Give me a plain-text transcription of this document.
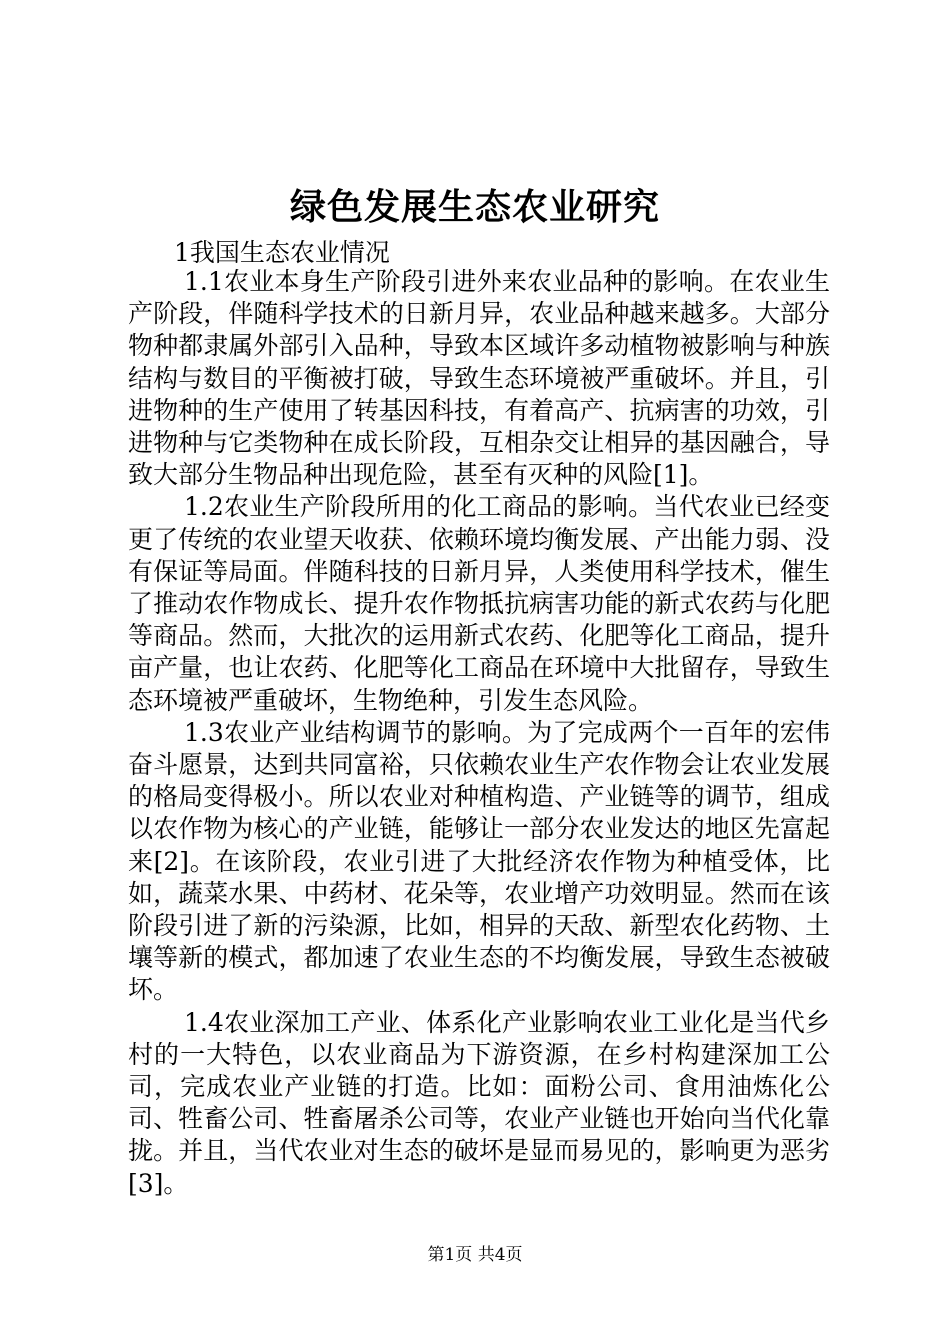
绿色发展生态农业研究
1我国生态农业情况

1.1农业本身生产阶段引进外来农业品种的影响。在农业生产阶段，伴随科学技术的日新月异，农业品种越来越多。大部分物种都隶属外部引入品种，导致本区域许多动植物被影响与种族结构与数目的平衡被打破，导致生态环境被严重破坏。并且，引进物种的生产使用了转基因科技，有着高产、抗病害的功效，引进物种与它类物种在成长阶段，互相杂交让相异的基因融合，导致大部分生物品种出现危险，甚至有灭种的风险[1]。

1.2农业生产阶段所用的化工商品的影响。当代农业已经变更了传统的农业望天收获、依赖环境均衡发展、产出能力弱、没有保证等局面。伴随科技的日新月异，人类使用科学技术，催生了推动农作物成长、提升农作物抵抗病害功能的新式农药与化肥等商品。然而，大批次的运用新式农药、化肥等化工商品，提升亩产量，也让农药、化肥等化工商品在环境中大批留存，导致生态环境被严重破坏，生物绝种，引发生态风险。

1.3农业产业结构调节的影响。为了完成两个一百年的宏伟奋斗愿景，达到共同富裕，只依赖农业生产农作物会让农业发展的格局变得极小。所以农业对种植构造、产业链等的调节，组成以农作物为核心的产业链，能够让一部分农业发达的地区先富起来[2]。在该阶段，农业引进了大批经济农作物为种植受体，比如，蔬菜水果、中药材、花朵等，农业增产功效明显。然而在该阶段引进了新的污染源，比如，相异的天敌、新型农化药物、土壤等新的模式，都加速了农业生态的不均衡发展，导致生态被破坏。

1.4农业深加工产业、体系化产业影响农业工业化是当代乡村的一大特色，以农业商品为下游资源，在乡村构建深加工公司，完成农业产业链的打造。比如：面粉公司、食用油炼化公司、牲畜公司、牲畜屠杀公司等，农业产业链也开始向当代化靠拢。并且，当代农业对生态的破坏是显而易见的，影响更为恶劣[3]。

第1页 共4页
